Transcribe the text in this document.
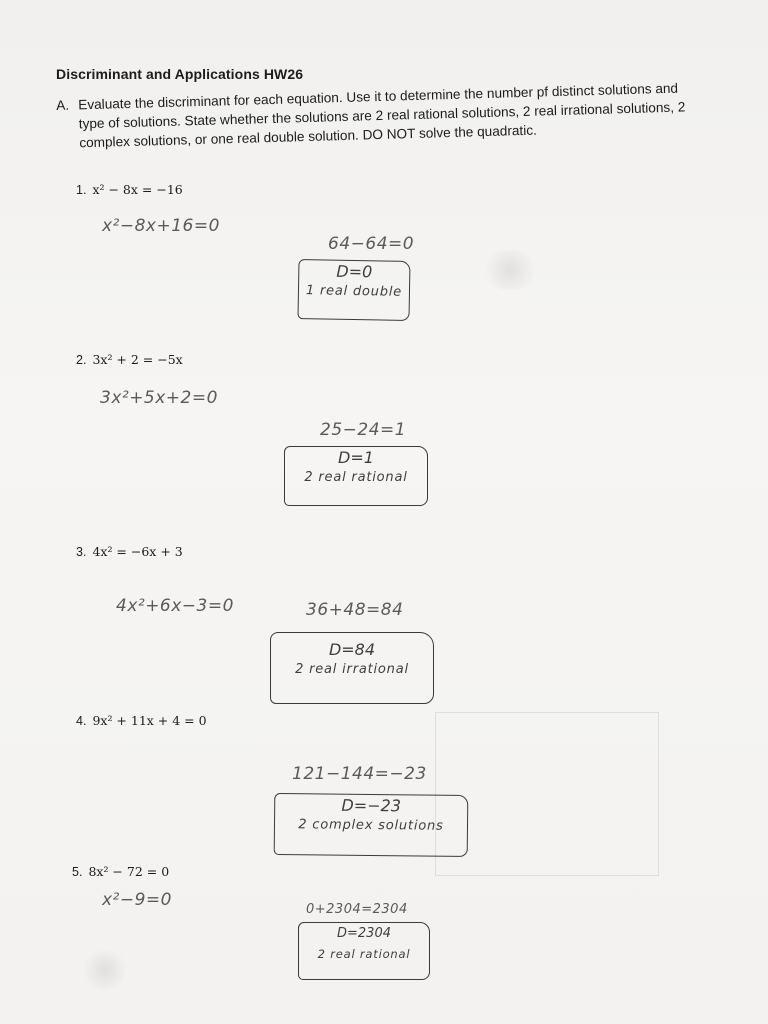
Discriminant and Applications HW26
A. Evaluate the discriminant for each equation. Use it to determine the number pf distinct solutions and type of solutions. State whether the solutions are 2 real rational solutions, 2 real irrational solutions, 2 complex solutions, or one real double solution. DO NOT solve the quadratic.
1. x² − 8x = −16
x²−8x+16=0
64−64=0
D=0
1 real double
2. 3x² + 2 = −5x
3x²+5x+2=0
25−24=1
D=1
2 real rational
3. 4x² = −6x + 3
4x²+6x−3=0	36+48=84
D=84
2 real irrational
4. 9x² + 11x + 4 = 0
121−144=−23
D=−23
2 complex solutions
5. 8x² − 72 = 0
x²−9=0	0+2304=2304
D=2304
2 real rational
